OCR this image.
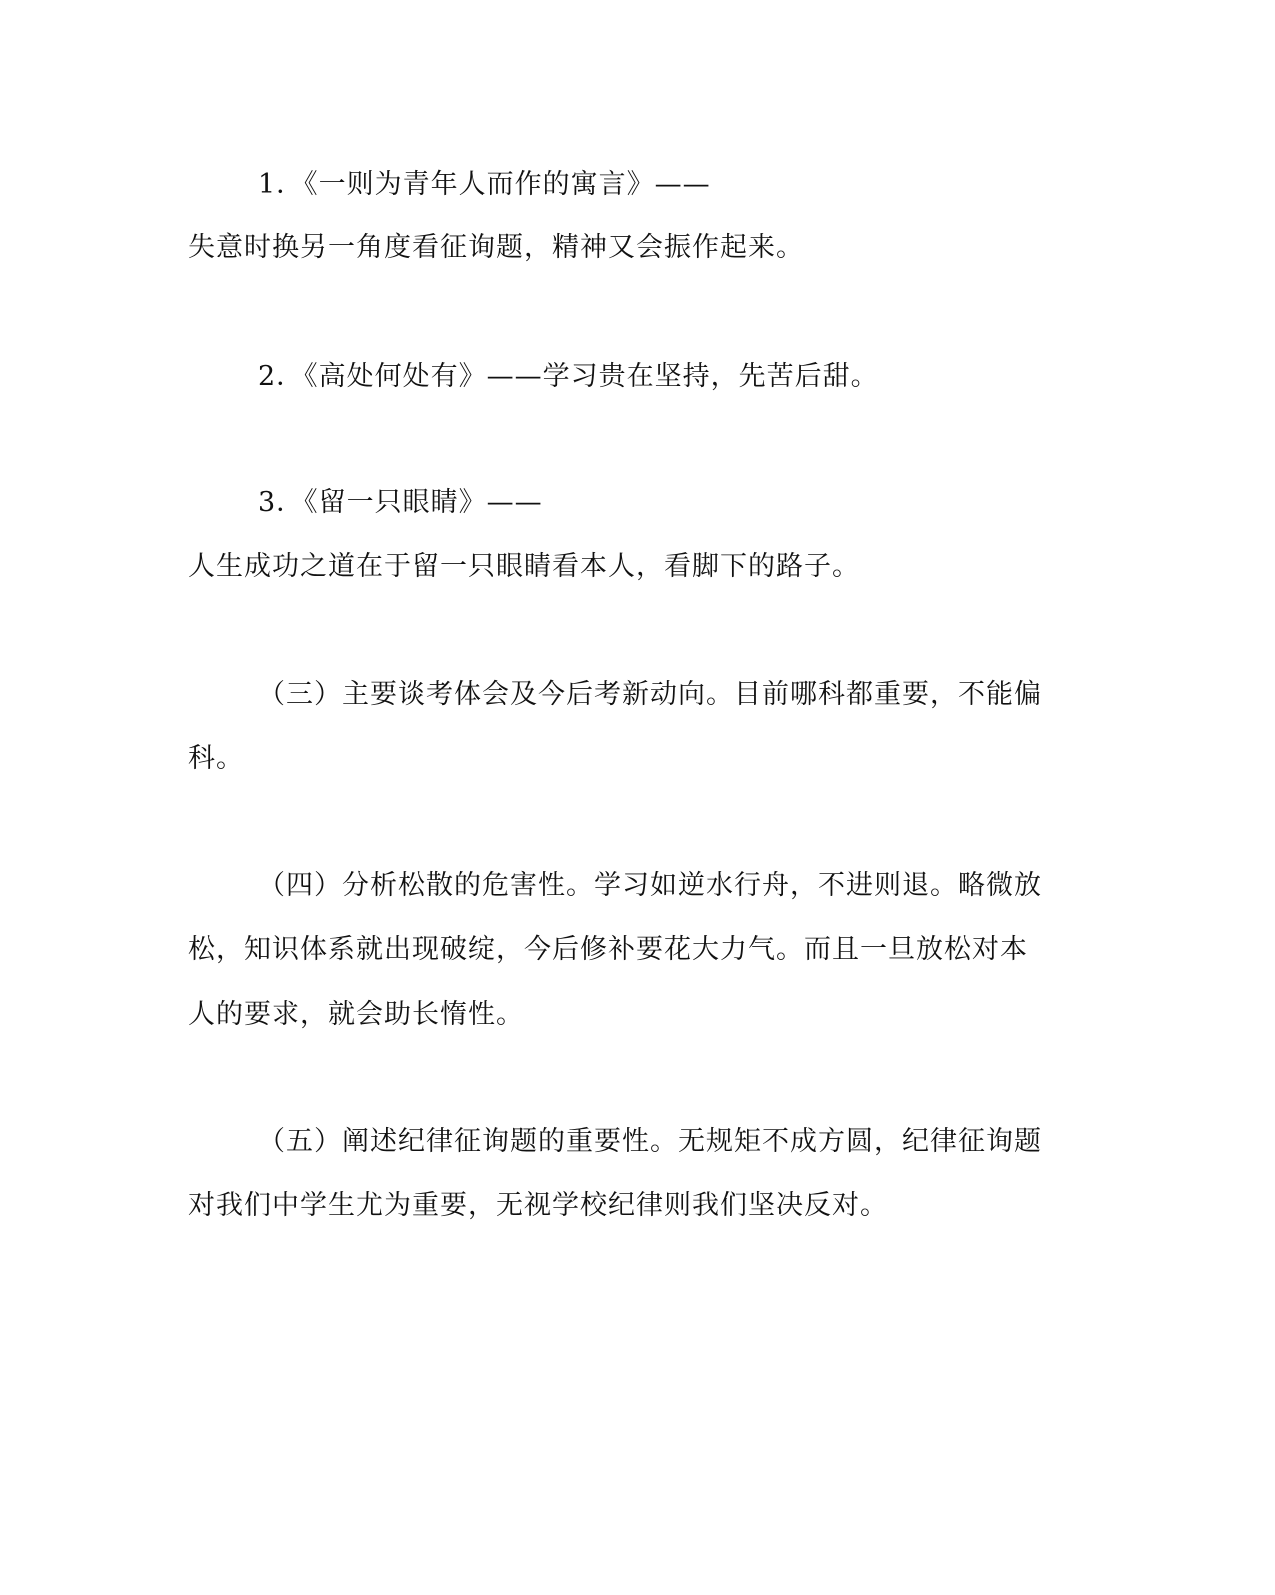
1．《一则为青年人而作的寓言》——
失意时换另一角度看征询题，精神又会振作起来。
2．《高处何处有》——学习贵在坚持，先苦后甜。
3．《留一只眼睛》——
人生成功之道在于留一只眼睛看本人，看脚下的路子。
（三）主要谈考体会及今后考新动向。目前哪科都重要，不能偏
科。
（四）分析松散的危害性。学习如逆水行舟，不进则退。略微放
松，知识体系就出现破绽，今后修补要花大力气。而且一旦放松对本
人的要求，就会助长惰性。
（五）阐述纪律征询题的重要性。无规矩不成方圆，纪律征询题
对我们中学生尤为重要，无视学校纪律则我们坚决反对。
